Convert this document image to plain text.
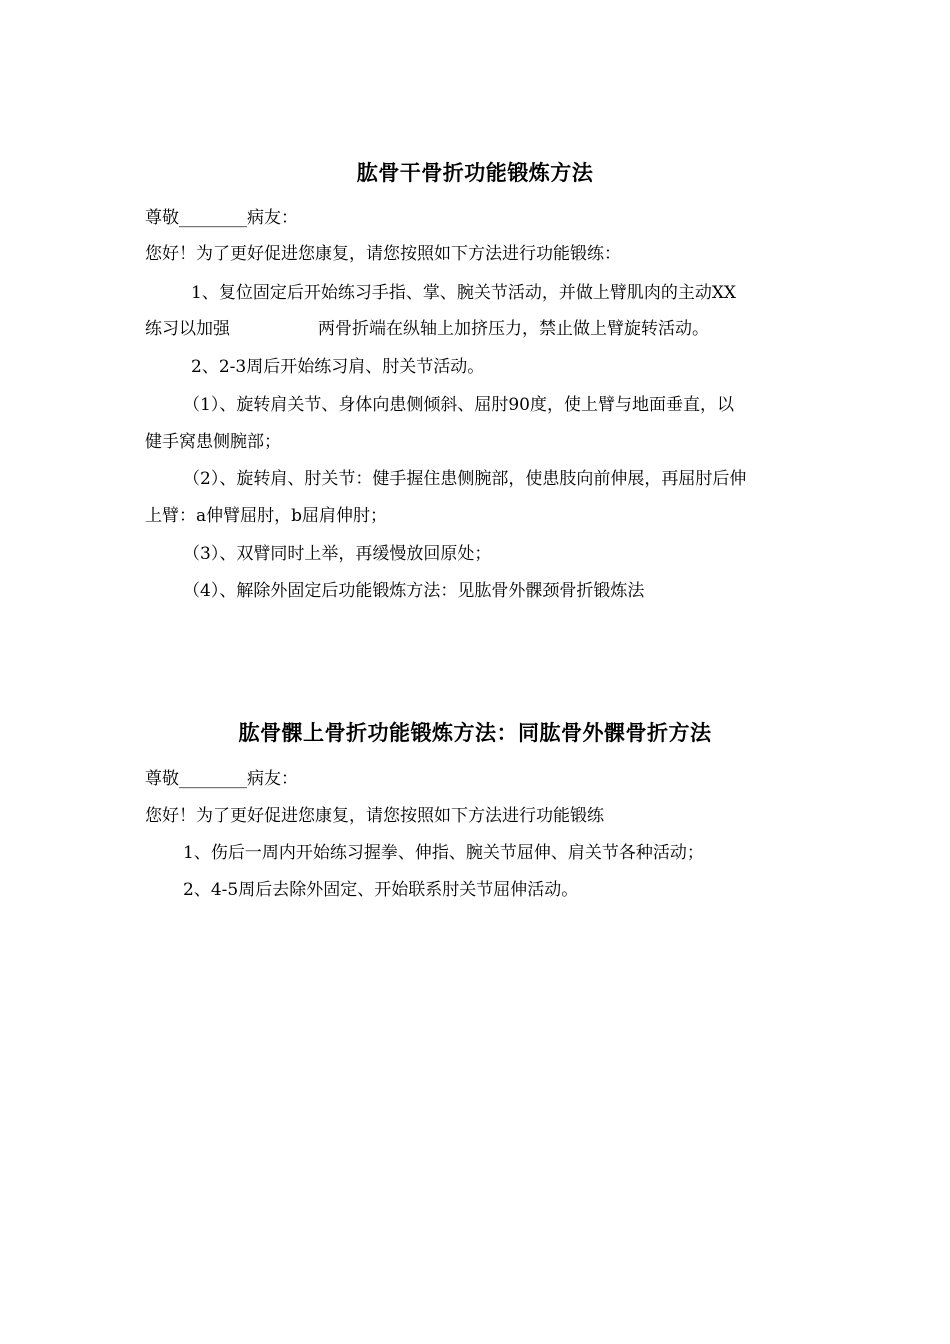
肱骨干骨折功能锻炼方法
尊敬________病友：
您好！为了更好促进您康复，请您按照如下方法进行功能锻练：
1、复位固定后开始练习手指、掌、腕关节活动，并做上臂肌肉的主动XX
练习以加强	两骨折端在纵轴上加挤压力，禁止做上臂旋转活动。
2、2-3周后开始练习肩、肘关节活动。
（1）、旋转肩关节、身体向患侧倾斜、屈肘90度，使上臂与地面垂直，以
健手窝患侧腕部；
（2）、旋转肩、肘关节：健手握住患侧腕部，使患肢向前伸展，再屈肘后伸
上臂：a伸臂屈肘，b屈肩伸肘；
（3）、双臂同时上举，再缓慢放回原处；
（4）、解除外固定后功能锻炼方法：见肱骨外髁颈骨折锻炼法
肱骨髁上骨折功能锻炼方法：同肱骨外髁骨折方法
尊敬________病友：
您好！为了更好促进您康复，请您按照如下方法进行功能锻练
1、伤后一周内开始练习握拳、伸指、腕关节屈伸、肩关节各种活动；
2、4-5周后去除外固定、开始联系肘关节屈伸活动。
